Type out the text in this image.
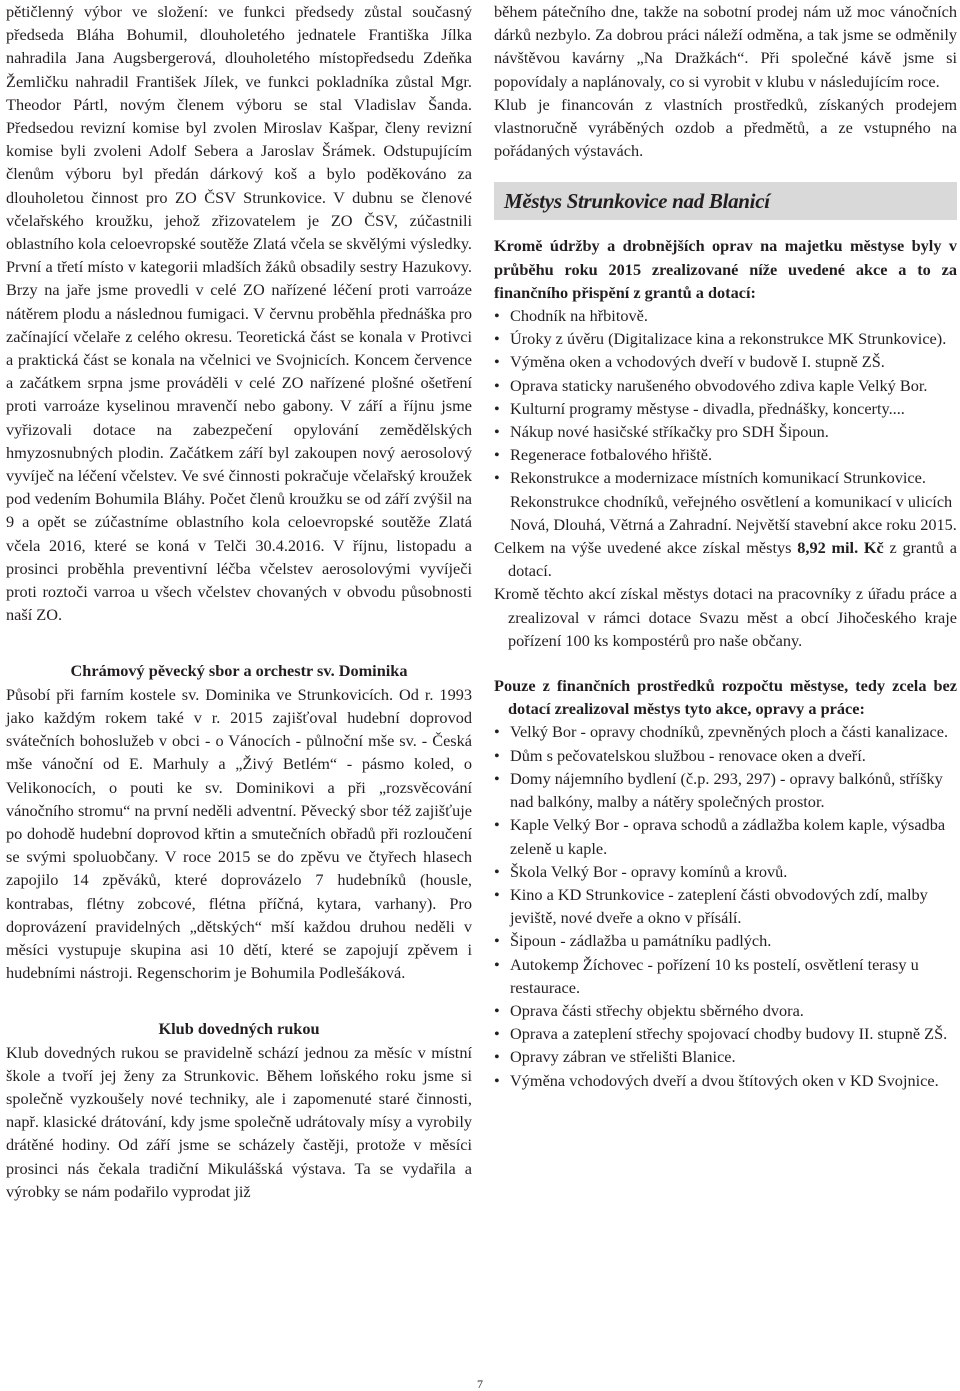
pětičlenný výbor ve složení: ve funkci předsedy zůstal současný předseda Bláha Bohumil, dlouholetého jednatele Františka Jílka nahradila Jana Augsbergerová, dlouholetého místopředsedu Zdeňka Žemličku nahradil František Jílek, ve funkci pokladníka zůstal Mgr. Theodor Pártl, novým členem výboru se stal Vladislav Šanda. Předsedou revizní komise byl zvolen Miroslav Kašpar, členy revizní komise byli zvoleni Adolf Sebera a Jaroslav Šrámek. Odstupujícím členům výboru byl předán dárkový koš a bylo poděkováno za dlouholetou činnost pro ZO ČSV Strunkovice. V dubnu se členové včelařského kroužku, jehož zřizovatelem je ZO ČSV, zúčastnili oblastního kola celoevropské soutěže Zlatá včela se skvělými výsledky. První a třetí místo v kategorii mladších žáků obsadily sestry Hazukovy. Brzy na jaře jsme provedli v celé ZO nařízené léčení proti varroáze nátěrem plodu a následnou fumigaci. V červnu proběhla přednáška pro začínající včelaře z celého okresu. Teoretická část se konala v Protivci a praktická část se konala na včelnici ve Svojnicích. Koncem července a začátkem srpna jsme prováděli v celé ZO nařízené plošné ošetření proti varroáze kyselinou mravenčí nebo gabony. V září a říjnu jsme vyřizovali dotace na zabezpečení opylování zemědělských hmyzosnubných plodin. Začátkem září byl zakoupen nový aerosolový vyvíječ na léčení včelstev. Ve své činnosti pokračuje včelařský kroužek pod vedením Bohumila Bláhy. Počet členů kroužku se od září zvýšil na 9 a opět se zúčastníme oblastního kola celoevropské soutěže Zlatá včela 2016, které se koná v Telči 30.4.2016. V říjnu, listopadu a prosinci proběhla preventivní léčba včelstev aerosolovými vyvíječi proti roztoči varroa u všech včelstev chovaných v obvodu působnosti naší ZO.

Chrámový pěvecký sbor a orchestr sv. Dominika

Působí při farním kostele sv. Dominika ve Strunkovicích. Od r. 1993 jako každým rokem také v r. 2015 zajišťoval hudební doprovod svátečních bohoslužeb v obci - o Vánocích - půlnoční mše sv. - Česká mše vánoční od E. Marhuly a „Živý Betlém“ - pásmo koled, o Velikonocích, o pouti ke sv. Dominikovi a při „rozsvěcování vánočního stromu“ na první neděli adventní. Pěvecký sbor též zajišťuje po dohodě hudební doprovod křtin a smutečních obřadů při rozloučení se svými spoluobčany. V roce 2015 se do zpěvu ve čtyřech hlasech zapojilo 14 zpěváků, které doprovázelo 7 hudebníků (housle, kontrabas, flétny zobcové, flétna příčná, kytara, varhany). Pro doprovázení pravidelných „dětských“ mší každou druhou neděli v měsíci vystupuje skupina asi 10 dětí, které se zapojují zpěvem i hudebními nástroji. Regenschorim je Bohumila Podlešáková.

Klub dovedných rukou

Klub dovedných rukou se pravidelně schází jednou za měsíc v místní škole a tvoří jej ženy za Strunkovic. Během loňského roku jsme si společně vyzkoušely nové techniky, ale i zapomenuté staré činnosti, např. klasické drátování, kdy jsme společně udrátovaly mísy a vyrobily drátěné hodiny. Od září jsme se scházely častěji, protože v měsíci prosinci nás čekala tradiční Mikulášská výstava. Ta se vydařila a výrobky se nám podařilo vyprodat již

během pátečního dne, takže na sobotní prodej nám už moc vánočních dárků nezbylo. Za dobrou práci náleží odměna, a tak jsme se odměnily návštěvou kavárny „Na Dražkách“. Při společné kávě jsme si popovídaly a naplánovaly, co si vyrobit v klubu v následujícím roce.

Klub je financován z vlastních prostředků, získaných prodejem vlastnoručně vyráběných ozdob a předmětů, a ze vstupného na pořádaných výstavách.

Městys Strunkovice nad Blanicí

Kromě údržby a drobnějších oprav na majetku městyse byly v průběhu roku 2015 zrealizované níže uvedené akce a to za finančního přispění z grantů a dotací:

• Chodník na hřbitově.
• Úroky z úvěru (Digitalizace kina a rekonstrukce MK Strunkovice).
• Výměna oken a vchodových dveří v budově I. stupně ZŠ.
• Oprava staticky narušeného obvodového zdiva kaple Velký Bor.
• Kulturní programy městyse - divadla, přednášky, koncerty....
• Nákup nové hasičské stříkačky pro SDH Šipoun.
• Regenerace fotbalového hřiště.
• Rekonstrukce a modernizace místních komunikací Strunkovice. Rekonstrukce chodníků, veřejného osvětlení a komunikací v ulicích Nová, Dlouhá, Větrná a Zahradní. Největší stavební akce roku 2015.

Celkem na výše uvedené akce získal městys 8,92 mil. Kč z grantů a dotací.

Kromě těchto akcí získal městys dotaci na pracovníky z úřadu práce a zrealizoval v rámci dotace Svazu měst a obcí Jihočeského kraje pořízení 100 ks kompostérů pro naše občany.

Pouze z finančních prostředků rozpočtu městyse, tedy zcela bez dotací zrealizoval městys tyto akce, opravy a práce:

• Velký Bor - opravy chodníků, zpevněných ploch a části kanalizace.
• Dům s pečovatelskou službou - renovace oken a dveří.
• Domy nájemního bydlení (č.p. 293, 297) - opravy balkónů, stříšky nad balkóny, malby a nátěry společných prostor.
• Kaple Velký Bor - oprava schodů a zádlažba kolem kaple, výsadba zeleně u kaple.
• Škola Velký Bor - opravy komínů a krovů.
• Kino a KD Strunkovice - zateplení části obvodových zdí, malby jeviště, nové dveře a okno v přísálí.
• Šipoun - zádlažba u památníku padlých.
• Autokemp Žíchovec - pořízení 10 ks postelí, osvětlení terasy u restaurace.
• Oprava části střechy objektu sběrného dvora.
• Oprava a zateplení střechy spojovací chodby budovy II. stupně ZŠ.
• Opravy zábran ve střelišti Blanice.
• Výměna vchodových dveří a dvou štítových oken v KD Svojnice.
7
